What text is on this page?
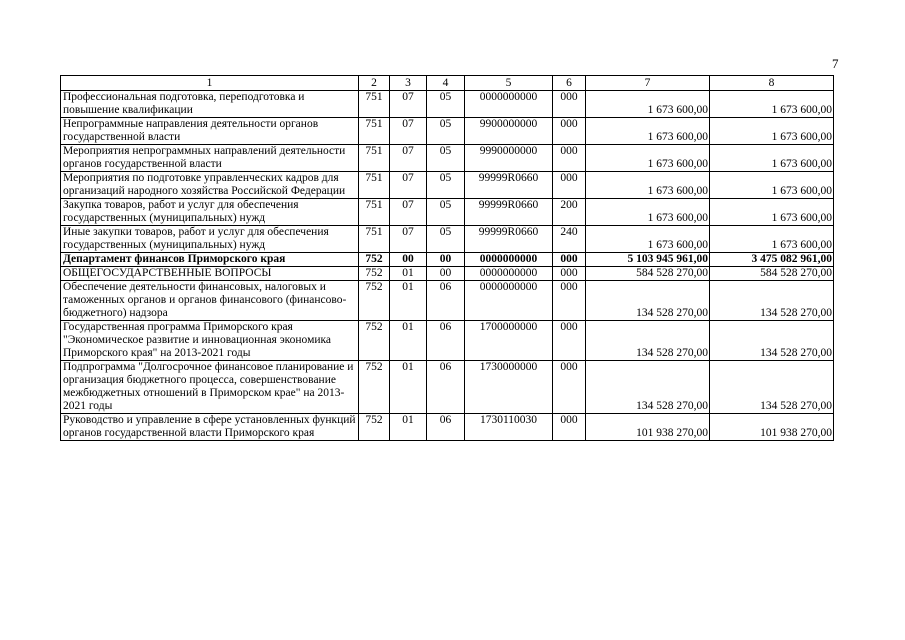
7
1	2	3	4	5	6	7	8
Профессиональная подготовка, переподготовка и повышение квалификации	751	07	05	0000000000	000	1 673 600,00	1 673 600,00
Непрограммные направления деятельности органов государственной власти	751	07	05	9900000000	000	1 673 600,00	1 673 600,00
Мероприятия непрограммных направлений деятельности органов государственной власти	751	07	05	9990000000	000	1 673 600,00	1 673 600,00
Мероприятия по подготовке управленческих кадров для организаций народного хозяйства Российской Федерации	751	07	05	99999R0660	000	1 673 600,00	1 673 600,00
Закупка товаров, работ и услуг для обеспечения государственных (муниципальных) нужд	751	07	05	99999R0660	200	1 673 600,00	1 673 600,00
Иные закупки товаров, работ и услуг для обеспечения государственных (муниципальных) нужд	751	07	05	99999R0660	240	1 673 600,00	1 673 600,00
Департамент финансов Приморского края	752	00	00	0000000000	000	5 103 945 961,00	3 475 082 961,00
ОБЩЕГОСУДАРСТВЕННЫЕ ВОПРОСЫ	752	01	00	0000000000	000	584 528 270,00	584 528 270,00
Обеспечение деятельности финансовых, налоговых и таможенных органов и органов финансового (финансово-бюджетного) надзора	752	01	06	0000000000	000	134 528 270,00	134 528 270,00
Государственная программа Приморского края "Экономическое развитие и инновационная экономика Приморского края" на 2013-2021 годы	752	01	06	1700000000	000	134 528 270,00	134 528 270,00
Подпрограмма "Долгосрочное финансовое планирование и организация бюджетного процесса, совершенствование межбюджетных отношений в Приморском крае" на 2013-2021 годы	752	01	06	1730000000	000	134 528 270,00	134 528 270,00
Руководство и управление в сфере установленных функций органов государственной власти Приморского края	752	01	06	1730110030	000	101 938 270,00	101 938 270,00
